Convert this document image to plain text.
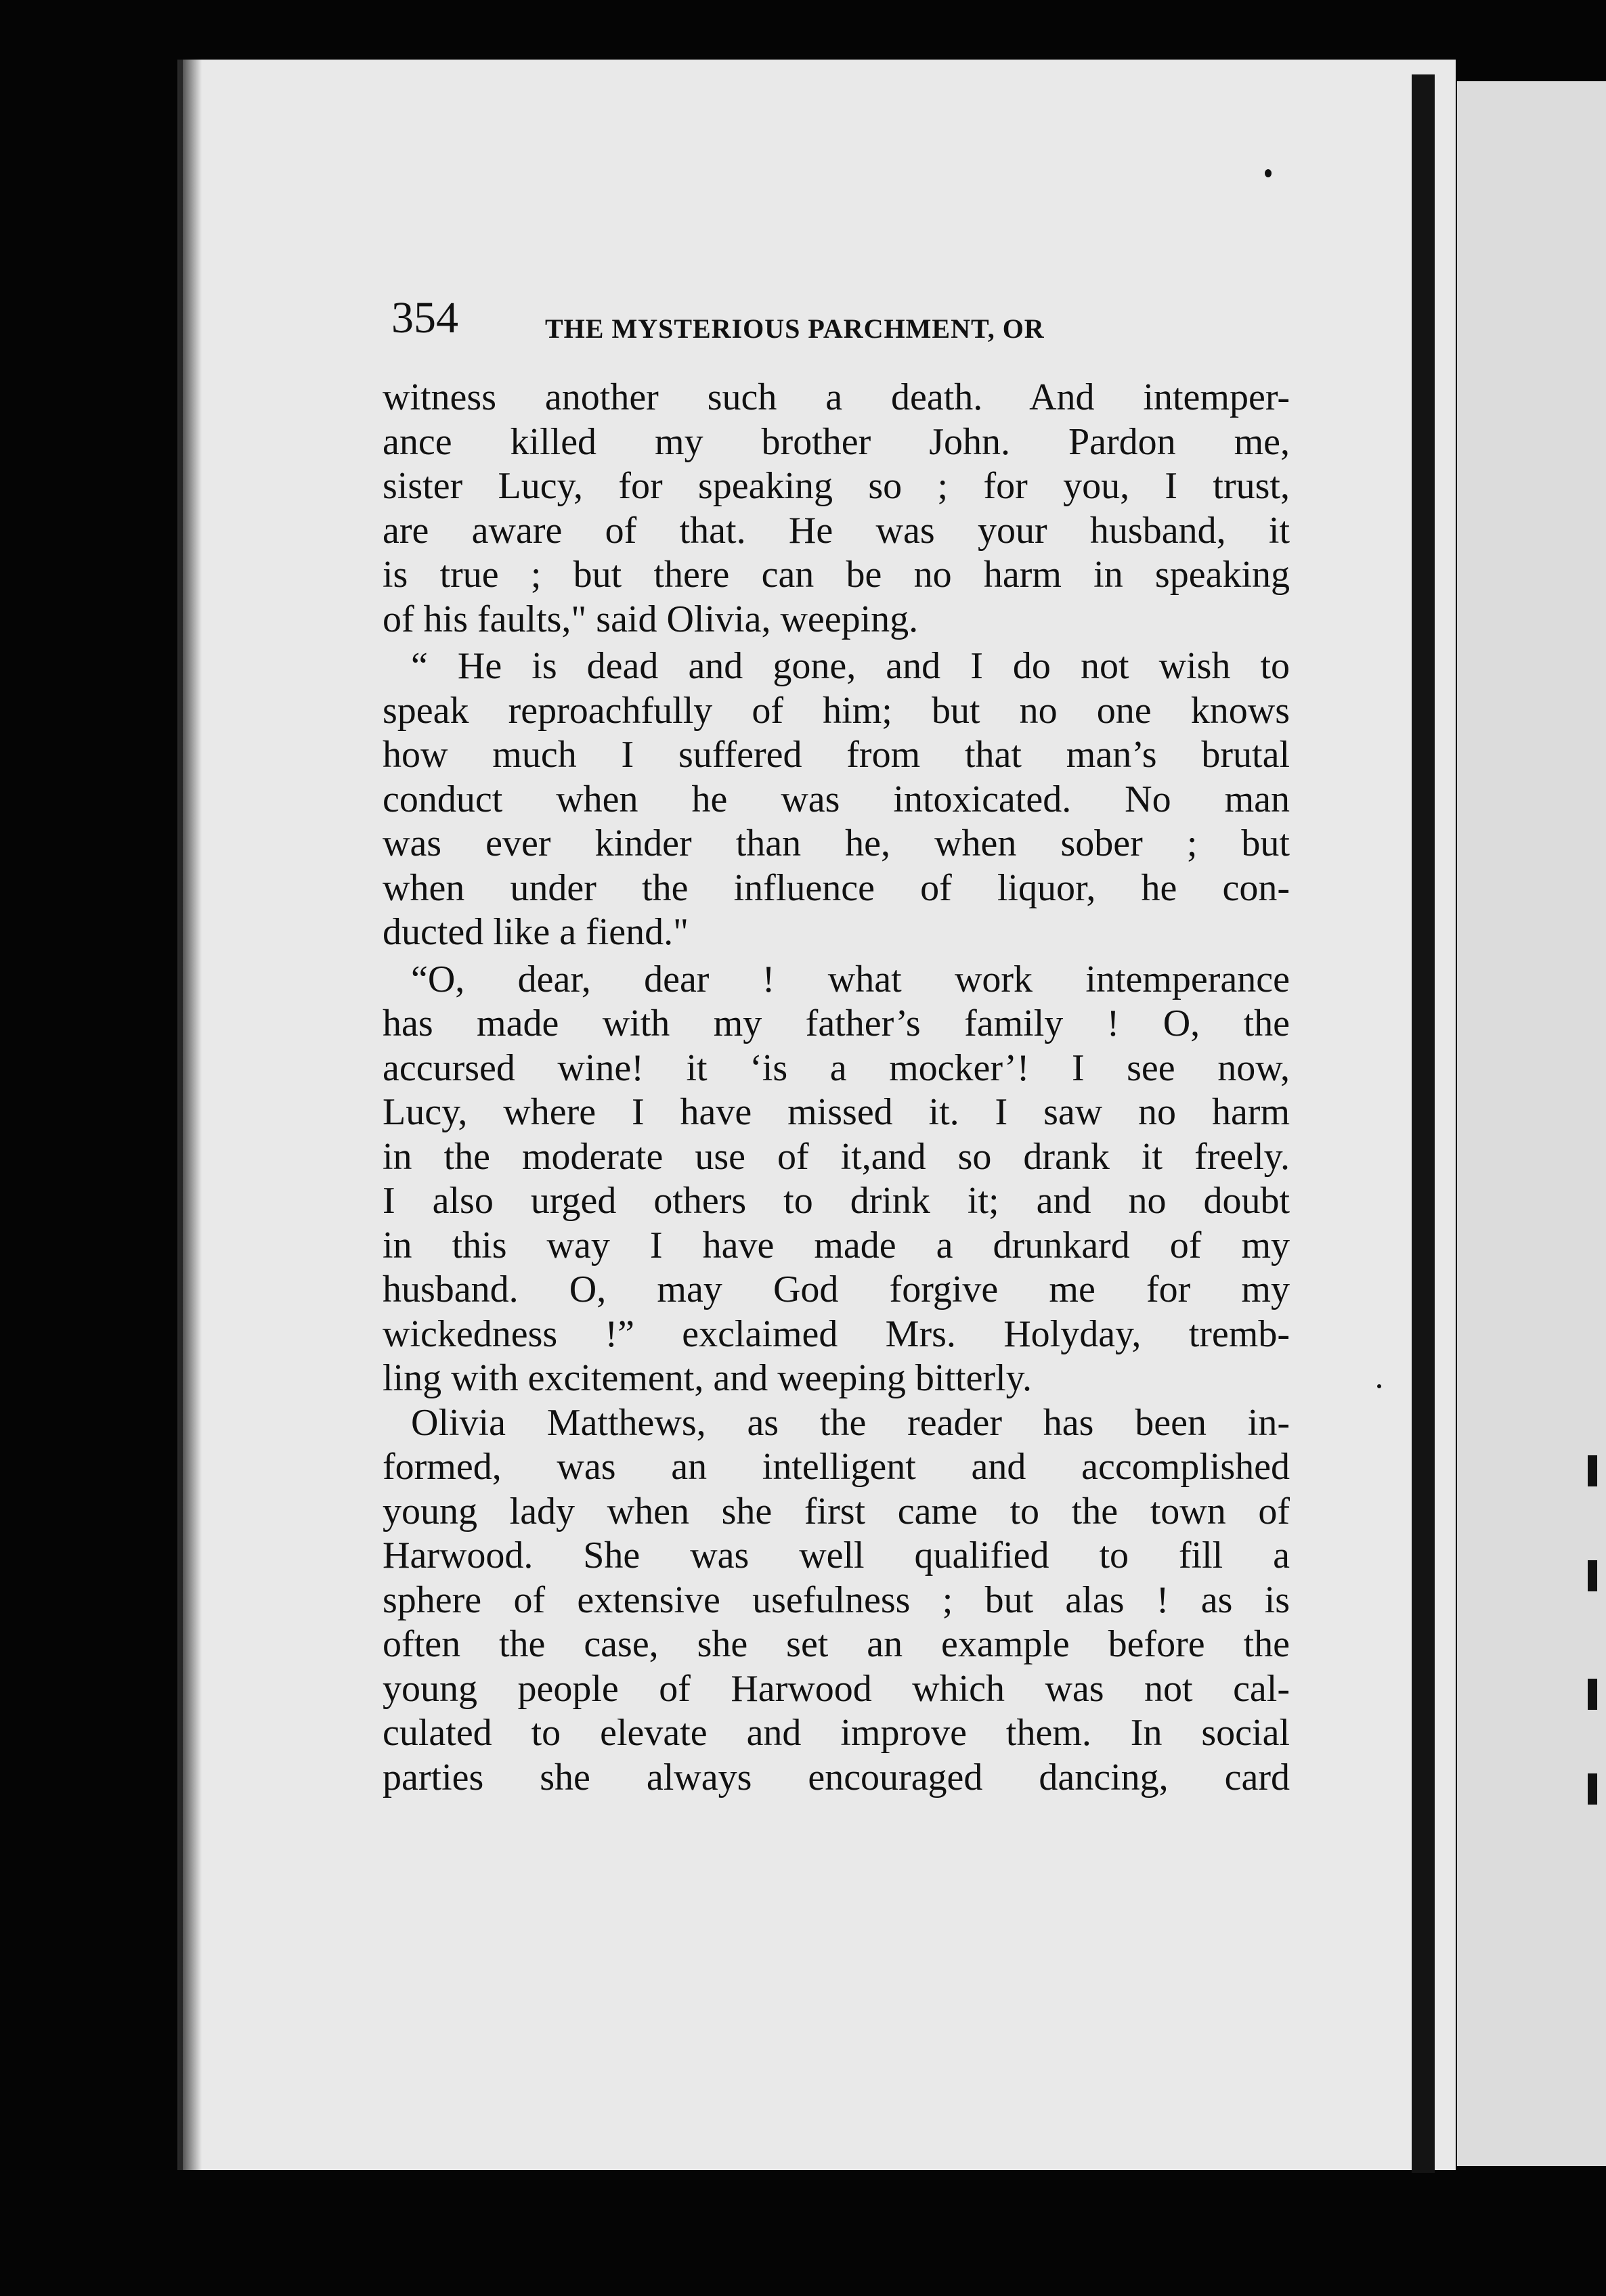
354	THE MYSTERIOUS PARCHMENT, OR
witness another such a death. And intemper-
ance killed my brother John. Pardon me,
sister Lucy, for speaking so ; for you, I trust,
are aware of that. He was your husband, it
is true ; but there can be no harm in speaking
of his faults," said Olivia, weeping.
“ He is dead and gone, and I do not wish to
speak reproachfully of him; but no one knows
how much I suffered from that man’s brutal
conduct when he was intoxicated. No man
was ever kinder than he, when sober ; but
when under the influence of liquor, he con-
ducted like a fiend."
“O, dear, dear ! what work intemperance
has made with my father’s family ! O, the
accursed wine! it ‘is a mocker’! I see now,
Lucy, where I have missed it. I saw no harm
in the moderate use of it,and so drank it freely.
I also urged others to drink it; and no doubt
in this way I have made a drunkard of my
husband. O, may God forgive me for my
wickedness !” exclaimed Mrs. Holyday, tremb-
ling with excitement, and weeping bitterly.
Olivia Matthews, as the reader has been in-
formed, was an intelligent and accomplished
young lady when she first came to the town of
Harwood. She was well qualified to fill a
sphere of extensive usefulness ; but alas ! as is
often the case, she set an example before the
young people of Harwood which was not cal-
culated to elevate and improve them. In social
parties she always encouraged dancing, card
